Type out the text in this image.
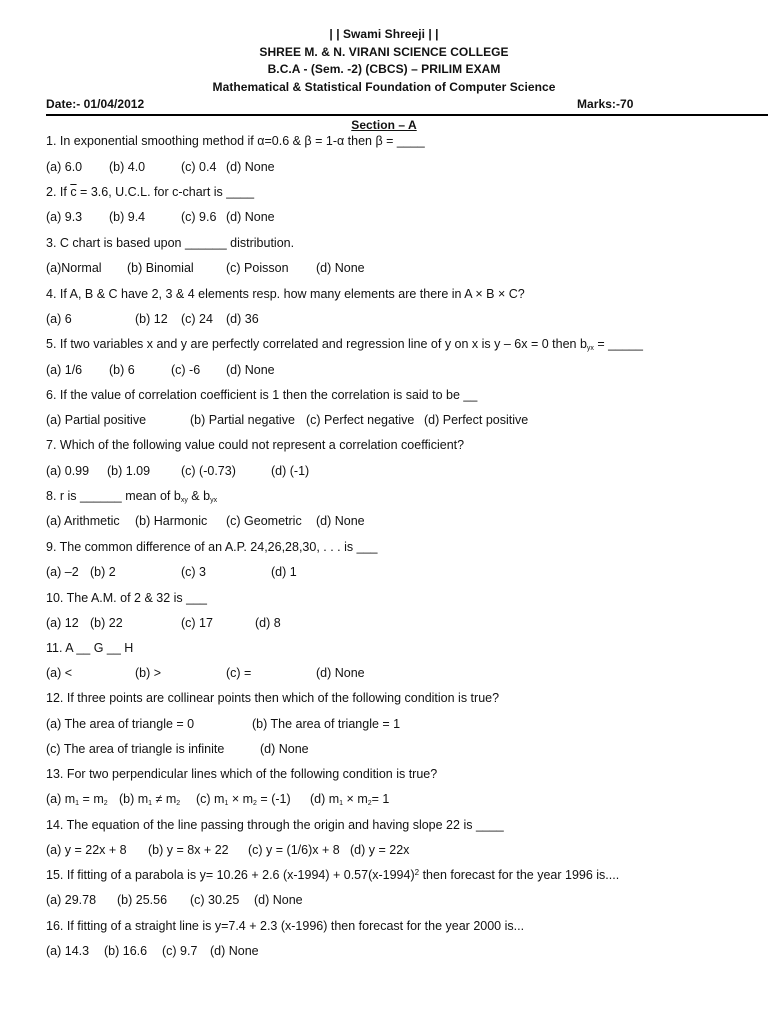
| | Swami Shreeji | |
SHREE M. & N. VIRANI SCIENCE COLLEGE
B.C.A - (Sem. -2) (CBCS) – PRILIM EXAM
Mathematical & Statistical Foundation of Computer Science
Date:- 01/04/2012	Marks:-70
Section – A
1. In exponential smoothing method if α=0.6 & β = 1-α then β = ____
(a) 6.0 (b) 4.0	(c) 0.4 (d) None
2. If $\overline{c} = 3.6$, U.C.L. for c-chart is ____
(a) 9.3 (b) 9.4	(c) 9.6 (d) None
3. C chart is based upon ______ distribution.
(a)Normal (b) Binomial	(c) Poisson (d) None
4. If A, B & C have 2, 3 & 4 elements resp. how many elements are there in A × B × C?
(a) 6	(b) 12 (c) 24 (d) 36
5. If two variables x and y are perfectly correlated and regression line of y on x is y – 6x = 0 then $b_{yx}$ = _____
(a) 1/6 (b) 6	(c) -6 (d) None
6. If the value of correlation coefficient is 1 then the correlation is said to be __
(a) Partial positive	(b) Partial negative (c) Perfect negative (d) Perfect positive
7. Which of the following value could not represent a correlation coefficient?
(a) 0.99 (b) 1.09 (c) (-0.73)	(d) (-1)
8. r is ______ mean of $b_{xy}$ & $b_{yx}$
(a) Arithmetic (b) Harmonic (c) Geometric (d) None
9. The common difference of an A.P. 24,26,28,30, . . . is ___
(a) –2 (b) 2	(c) 3	(d) 1
10. The A.M. of 2 & 32 is ___
(a) 12 (b) 22	(c) 17	(d) 8
11. A __ G __ H
(a) <	(b) >	(c) =	(d) None
12. If three points are collinear points then which of the following condition is true?
(a) The area of triangle = 0	(b) The area of triangle = 1
(c) The area of triangle is infinite	(d) None
13. For two perpendicular lines which of the following condition is true?
(a) $m_1 = m_2$ (b) $m_1 \ne m_2$ (c) $m_1 \times m_2 = (-1)$ (d) $m_1 \times m_2= 1$
14. The equation of the line passing through the origin and having slope 22 is ____
(a) y = 22x + 8 (b) y = 8x + 22 (c) y = (1/6)x + 8 (d) y = 22x
15. If fitting of a parabola is y= 10.26 + 2.6 $(x-1994) + 0.57(x-1994)^2$ then forecast for the year 1996 is....
(a) 29.78 (b) 25.56 (c) 30.25 (d) None
16. If fitting of a straight line is y=7.4 + 2.3 (x-1996) then forecast for the year 2000 is...
(a) 14.3 (b) 16.6 (c) 9.7 (d) None
